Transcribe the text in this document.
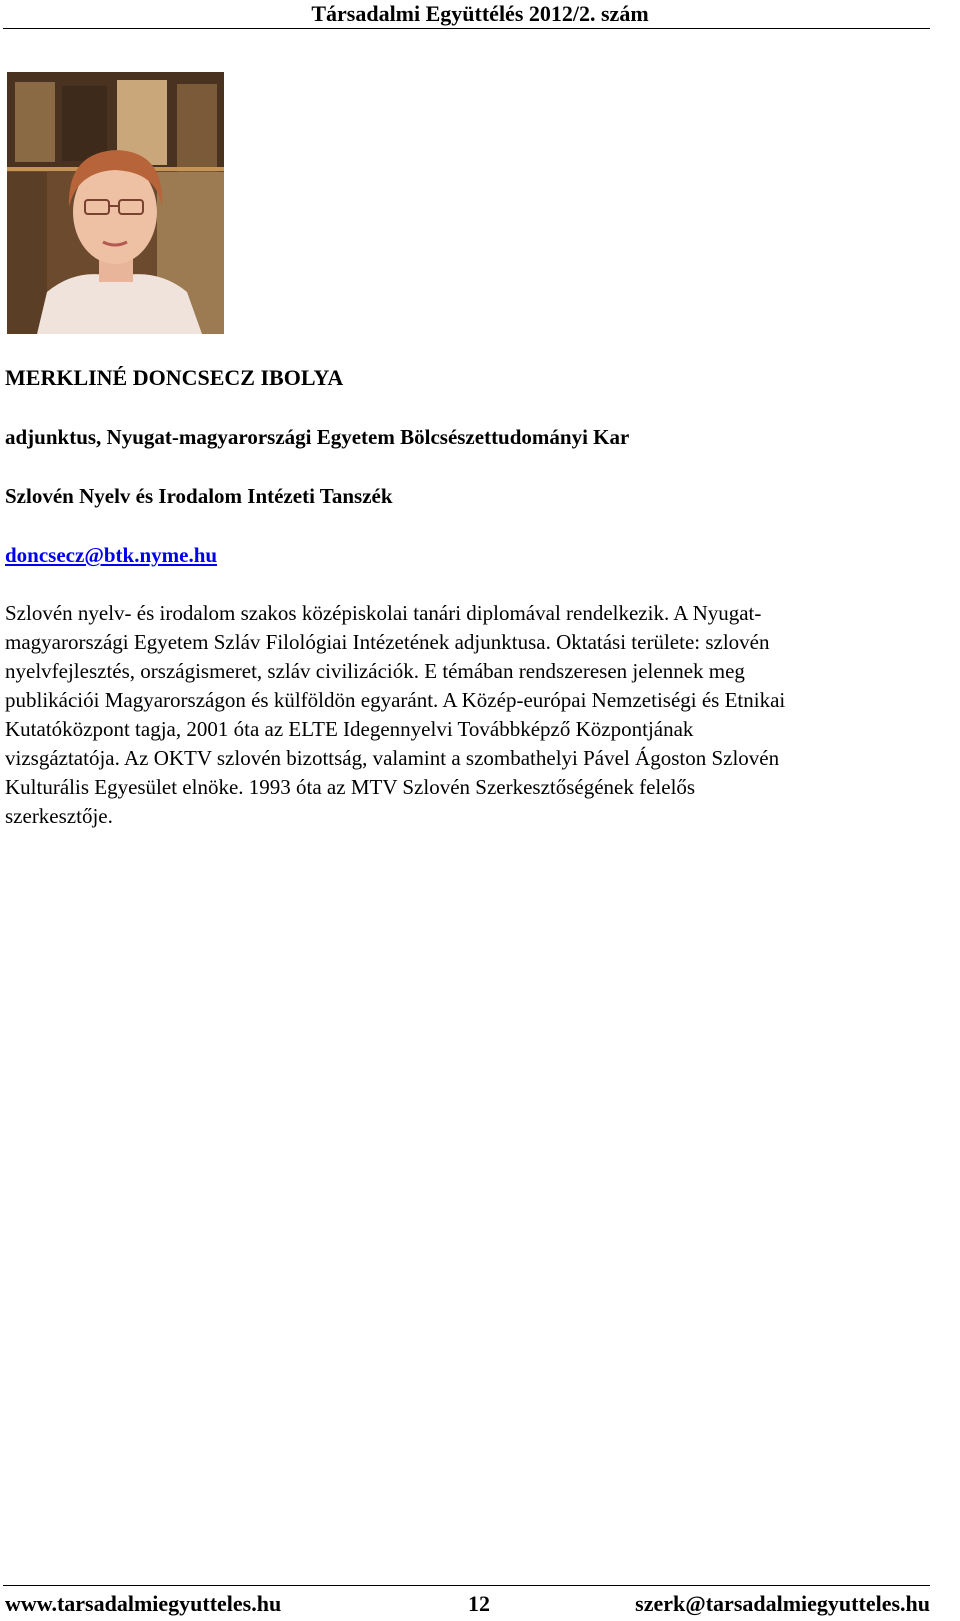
Társadalmi Együttélés 2012/2. szám
MERKLINÉ DONCSECZ IBOLYA
adjunktus, Nyugat-magyarországi Egyetem Bölcsészettudományi Kar
Szlovén Nyelv és Irodalom Intézeti Tanszék
doncsecz@btk.nyme.hu
Szlovén nyelv- és irodalom szakos középiskolai tanári diplomával rendelkezik. A Nyugat-
magyarországi Egyetem Szláv Filológiai Intézetének adjunktusa. Oktatási területe: szlovén
nyelvfejlesztés, országismeret, szláv civilizációk. E témában rendszeresen jelennek meg
publikációi Magyarországon és külföldön egyaránt. A Közép-európai Nemzetiségi és Etnikai
Kutatóközpont tagja, 2001 óta az ELTE Idegennyelvi Továbbképző Központjának
vizsgáztatója. Az OKTV szlovén bizottság, valamint a szombathelyi Pável Ágoston Szlovén
Kulturális Egyesület elnöke. 1993 óta az MTV Szlovén Szerkesztőségének felelős
szerkesztője.
www.tarsadalmiegyutteles.hu	12	szerk@tarsadalmiegyutteles.hu
